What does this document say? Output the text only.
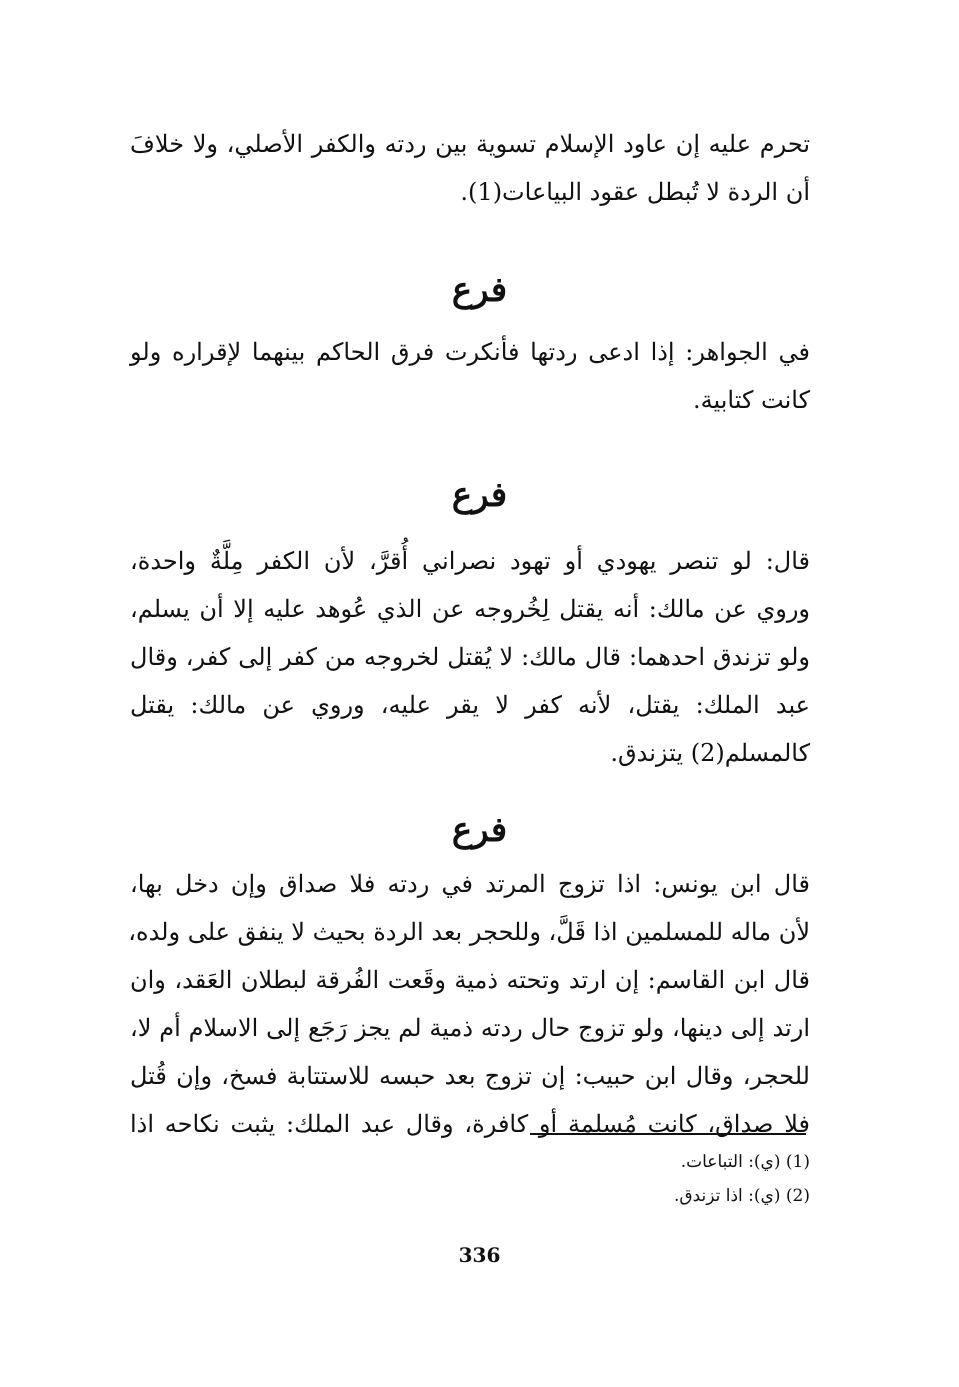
تحرم عليه إن عاود الإسلام تسوية بين ردته والكفر الأصلي، ولا خلافَ
أن الردة لا تُبطل عقود البياعات(1).
فرع
في الجواهر: إذا ادعى ردتها فأنكرت فرق الحاكم بينهما لإقراره ولو
كانت كتابية.
فرع
قال: لو تنصر يهودي أو تهود نصراني أُقرَّ، لأن الكفر مِلَّةٌ واحدة،
وروي عن مالك: أنه يقتل لِخُروجه عن الذي عُوهد عليه إلا أن يسلم،
ولو تزندق احدهما: قال مالك: لا يُقتل لخروجه من كفر إلى كفر، وقال
عبد الملك: يقتل، لأنه كفر لا يقر عليه، وروي عن مالك: يقتل
كالمسلم(2) يتزندق.
فرع
قال ابن يونس: اذا تزوج المرتد في ردته فلا صداق وإن دخل بها،
لأن ماله للمسلمين اذا قَلَّ، وللحجر بعد الردة بحيث لا ينفق على ولده،
قال ابن القاسم: إن ارتد وتحته ذمية وقَعت الفُرقة لبطلان العَقد، وان
ارتد إلى دينها، ولو تزوج حال ردته ذمية لم يجز رَجَع إلى الاسلام أم لا،
للحجر، وقال ابن حبيب: إن تزوج بعد حبسه للاستتابة فسخ، وإن قُتل
فلا صداق، كانت مُسلمة أو كافرة، وقال عبد الملك: يثبت نكاحه اذا

(1) (ي): التباعات.

(2) (ي): اذا تزندق.

336
